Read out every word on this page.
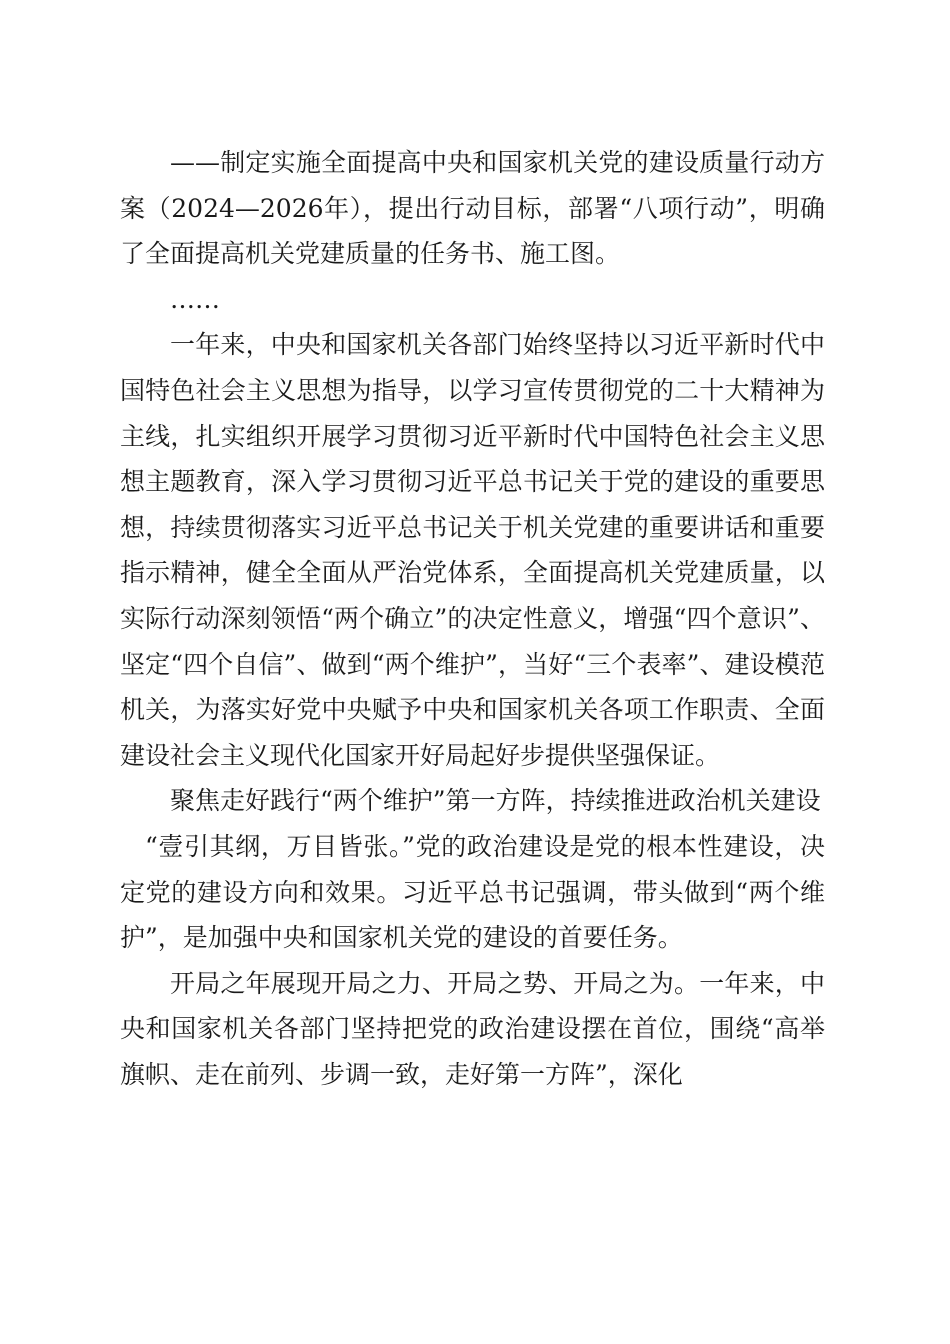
——制定实施全面提高中央和国家机关党的建设质量行动方案（2024—2026年），提出行动目标，部署“八项行动”，明确了全面提高机关党建质量的任务书、施工图。

……

一年来，中央和国家机关各部门始终坚持以习近平新时代中国特色社会主义思想为指导，以学习宣传贯彻党的二十大精神为主线，扎实组织开展学习贯彻习近平新时代中国特色社会主义思想主题教育，深入学习贯彻习近平总书记关于党的建设的重要思想，持续贯彻落实习近平总书记关于机关党建的重要讲话和重要指示精神，健全全面从严治党体系，全面提高机关党建质量，以实际行动深刻领悟“两个确立”的决定性意义，增强“四个意识”、坚定“四个自信”、做到“两个维护”，当好“三个表率”、建设模范机关，为落实好党中央赋予中央和国家机关各项工作职责、全面建设社会主义现代化国家开好局起好步提供坚强保证。

聚焦走好践行“两个维护”第一方阵，持续推进政治机关建设

“壹引其纲，万目皆张。”党的政治建设是党的根本性建设，决定党的建设方向和效果。习近平总书记强调，带头做到“两个维护”，是加强中央和国家机关党的建设的首要任务。

开局之年展现开局之力、开局之势、开局之为。一年来，中央和国家机关各部门坚持把党的政治建设摆在首位，围绕“高举旗帜、走在前列、步调一致，走好第一方阵”，深化
